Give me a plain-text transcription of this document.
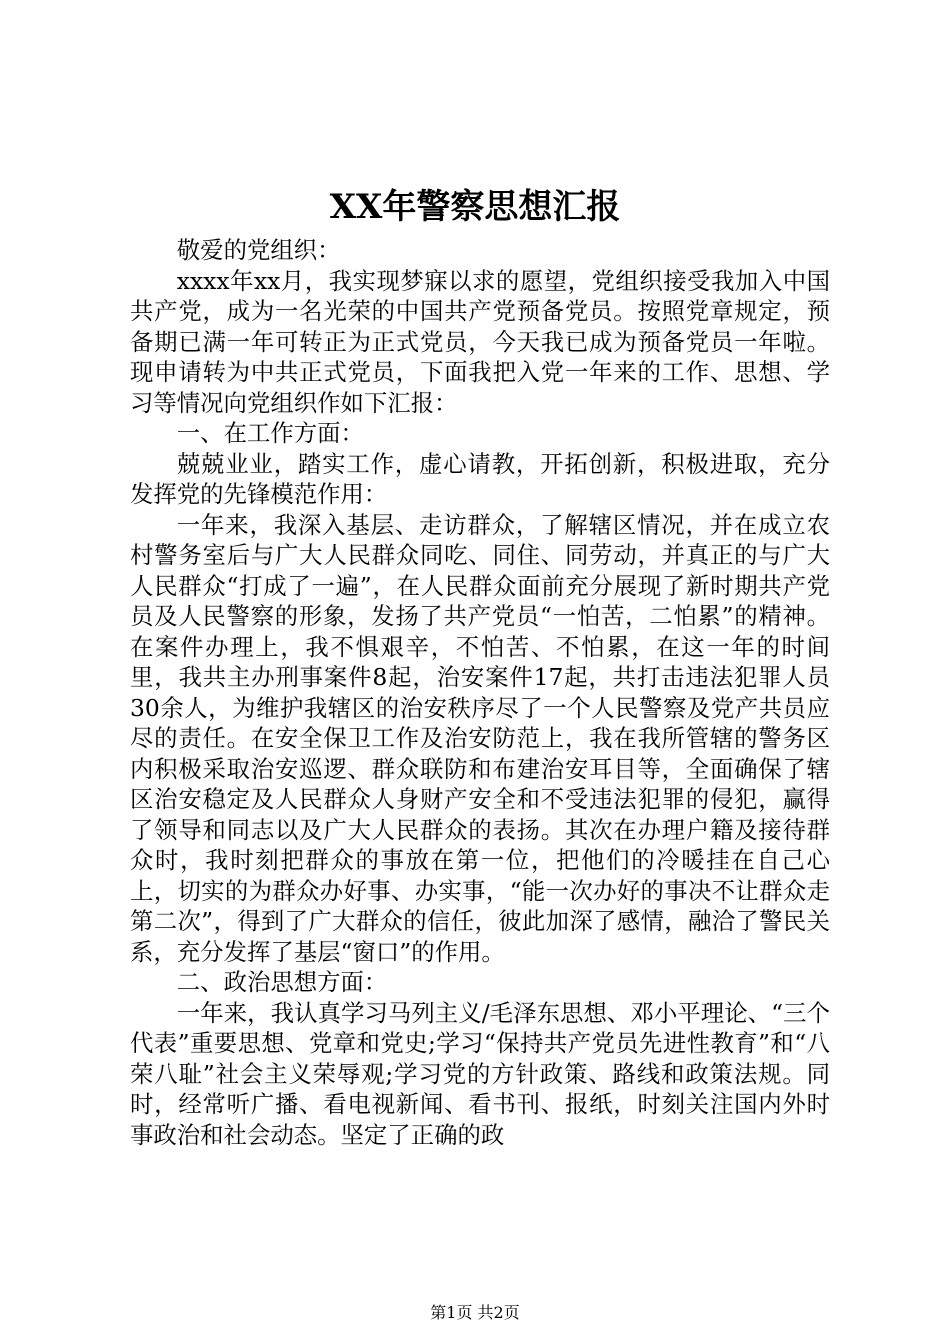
XX年警察思想汇报

敬爱的党组织：

xxxx年xx月，我实现梦寐以求的愿望，党组织接受我加入中国共产党，成为一名光荣的中国共产党预备党员。按照党章规定，预备期已满一年可转正为正式党员，今天我已成为预备党员一年啦。现申请转为中共正式党员，下面我把入党一年来的工作、思想、学习等情况向党组织作如下汇报：

一、在工作方面：

兢兢业业，踏实工作，虚心请教，开拓创新，积极进取，充分发挥党的先锋模范作用：

一年来，我深入基层、走访群众，了解辖区情况，并在成立农村警务室后与广大人民群众同吃、同住、同劳动，并真正的与广大人民群众“打成了一遍”，在人民群众面前充分展现了新时期共产党员及人民警察的形象，发扬了共产党员“一怕苦，二怕累”的精神。在案件办理上，我不惧艰辛，不怕苦、不怕累，在这一年的时间里，我共主办刑事案件8起，治安案件17起，共打击违法犯罪人员30余人，为维护我辖区的治安秩序尽了一个人民警察及党产共员应尽的责任。在安全保卫工作及治安防范上，我在我所管辖的警务区内积极采取治安巡逻、群众联防和布建治安耳目等，全面确保了辖区治安稳定及人民群众人身财产安全和不受违法犯罪的侵犯，赢得了领导和同志以及广大人民群众的表扬。其次在办理户籍及接待群众时，我时刻把群众的事放在第一位，把他们的冷暖挂在自己心上，切实的为群众办好事、办实事，“能一次办好的事决不让群众走第二次”，得到了广大群众的信任，彼此加深了感情，融洽了警民关系，充分发挥了基层“窗口”的作用。

二、政治思想方面：

一年来，我认真学习马列主义/毛泽东思想、邓小平理论、“三个代表”重要思想、党章和党史;学习“保持共产党员先进性教育”和“八荣八耻”社会主义荣辱观;学习党的方针政策、路线和政策法规。同时，经常听广播、看电视新闻、看书刊、报纸，时刻关注国内外时事政治和社会动态。坚定了正确的政

第1页 共2页
